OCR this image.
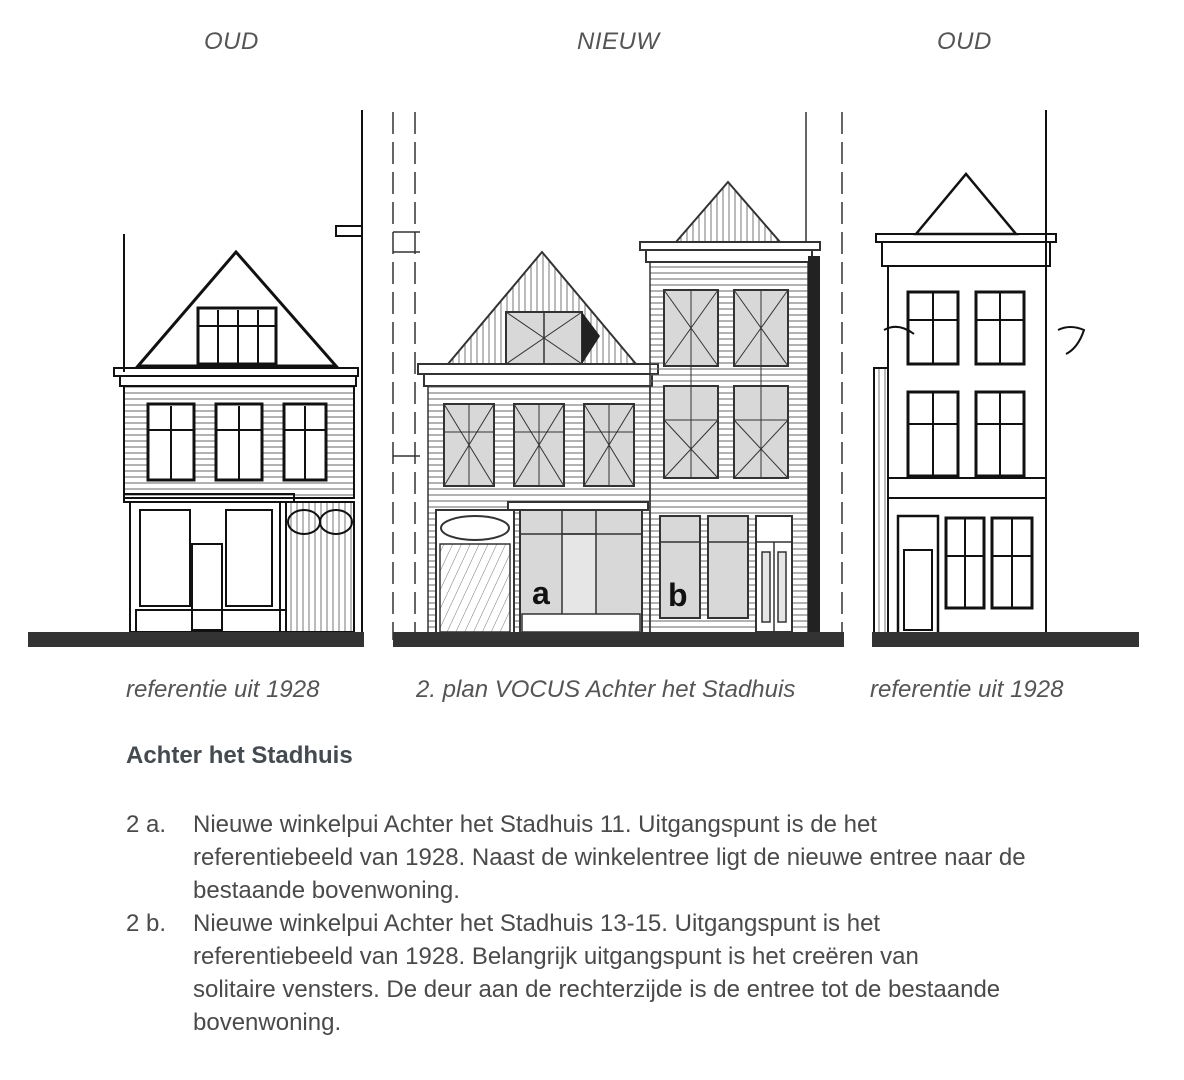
OUD	NIEUW	OUD
a	b
referentie uit 1928	2. plan VOCUS Achter het Stadhuis	referentie uit 1928
Achter het Stadhuis
2 a.	Nieuwe winkelpui Achter het Stadhuis 11. Uitgangspunt is de het
referentiebeeld van 1928. Naast de winkelentree ligt de nieuwe entree naar de
bestaande bovenwoning.
2 b.	Nieuwe winkelpui Achter het Stadhuis 13-15. Uitgangspunt is het
referentiebeeld van 1928. Belangrijk uitgangspunt is het creëren van
solitaire vensters. De deur aan de rechterzijde is de entree tot de bestaande
bovenwoning.
